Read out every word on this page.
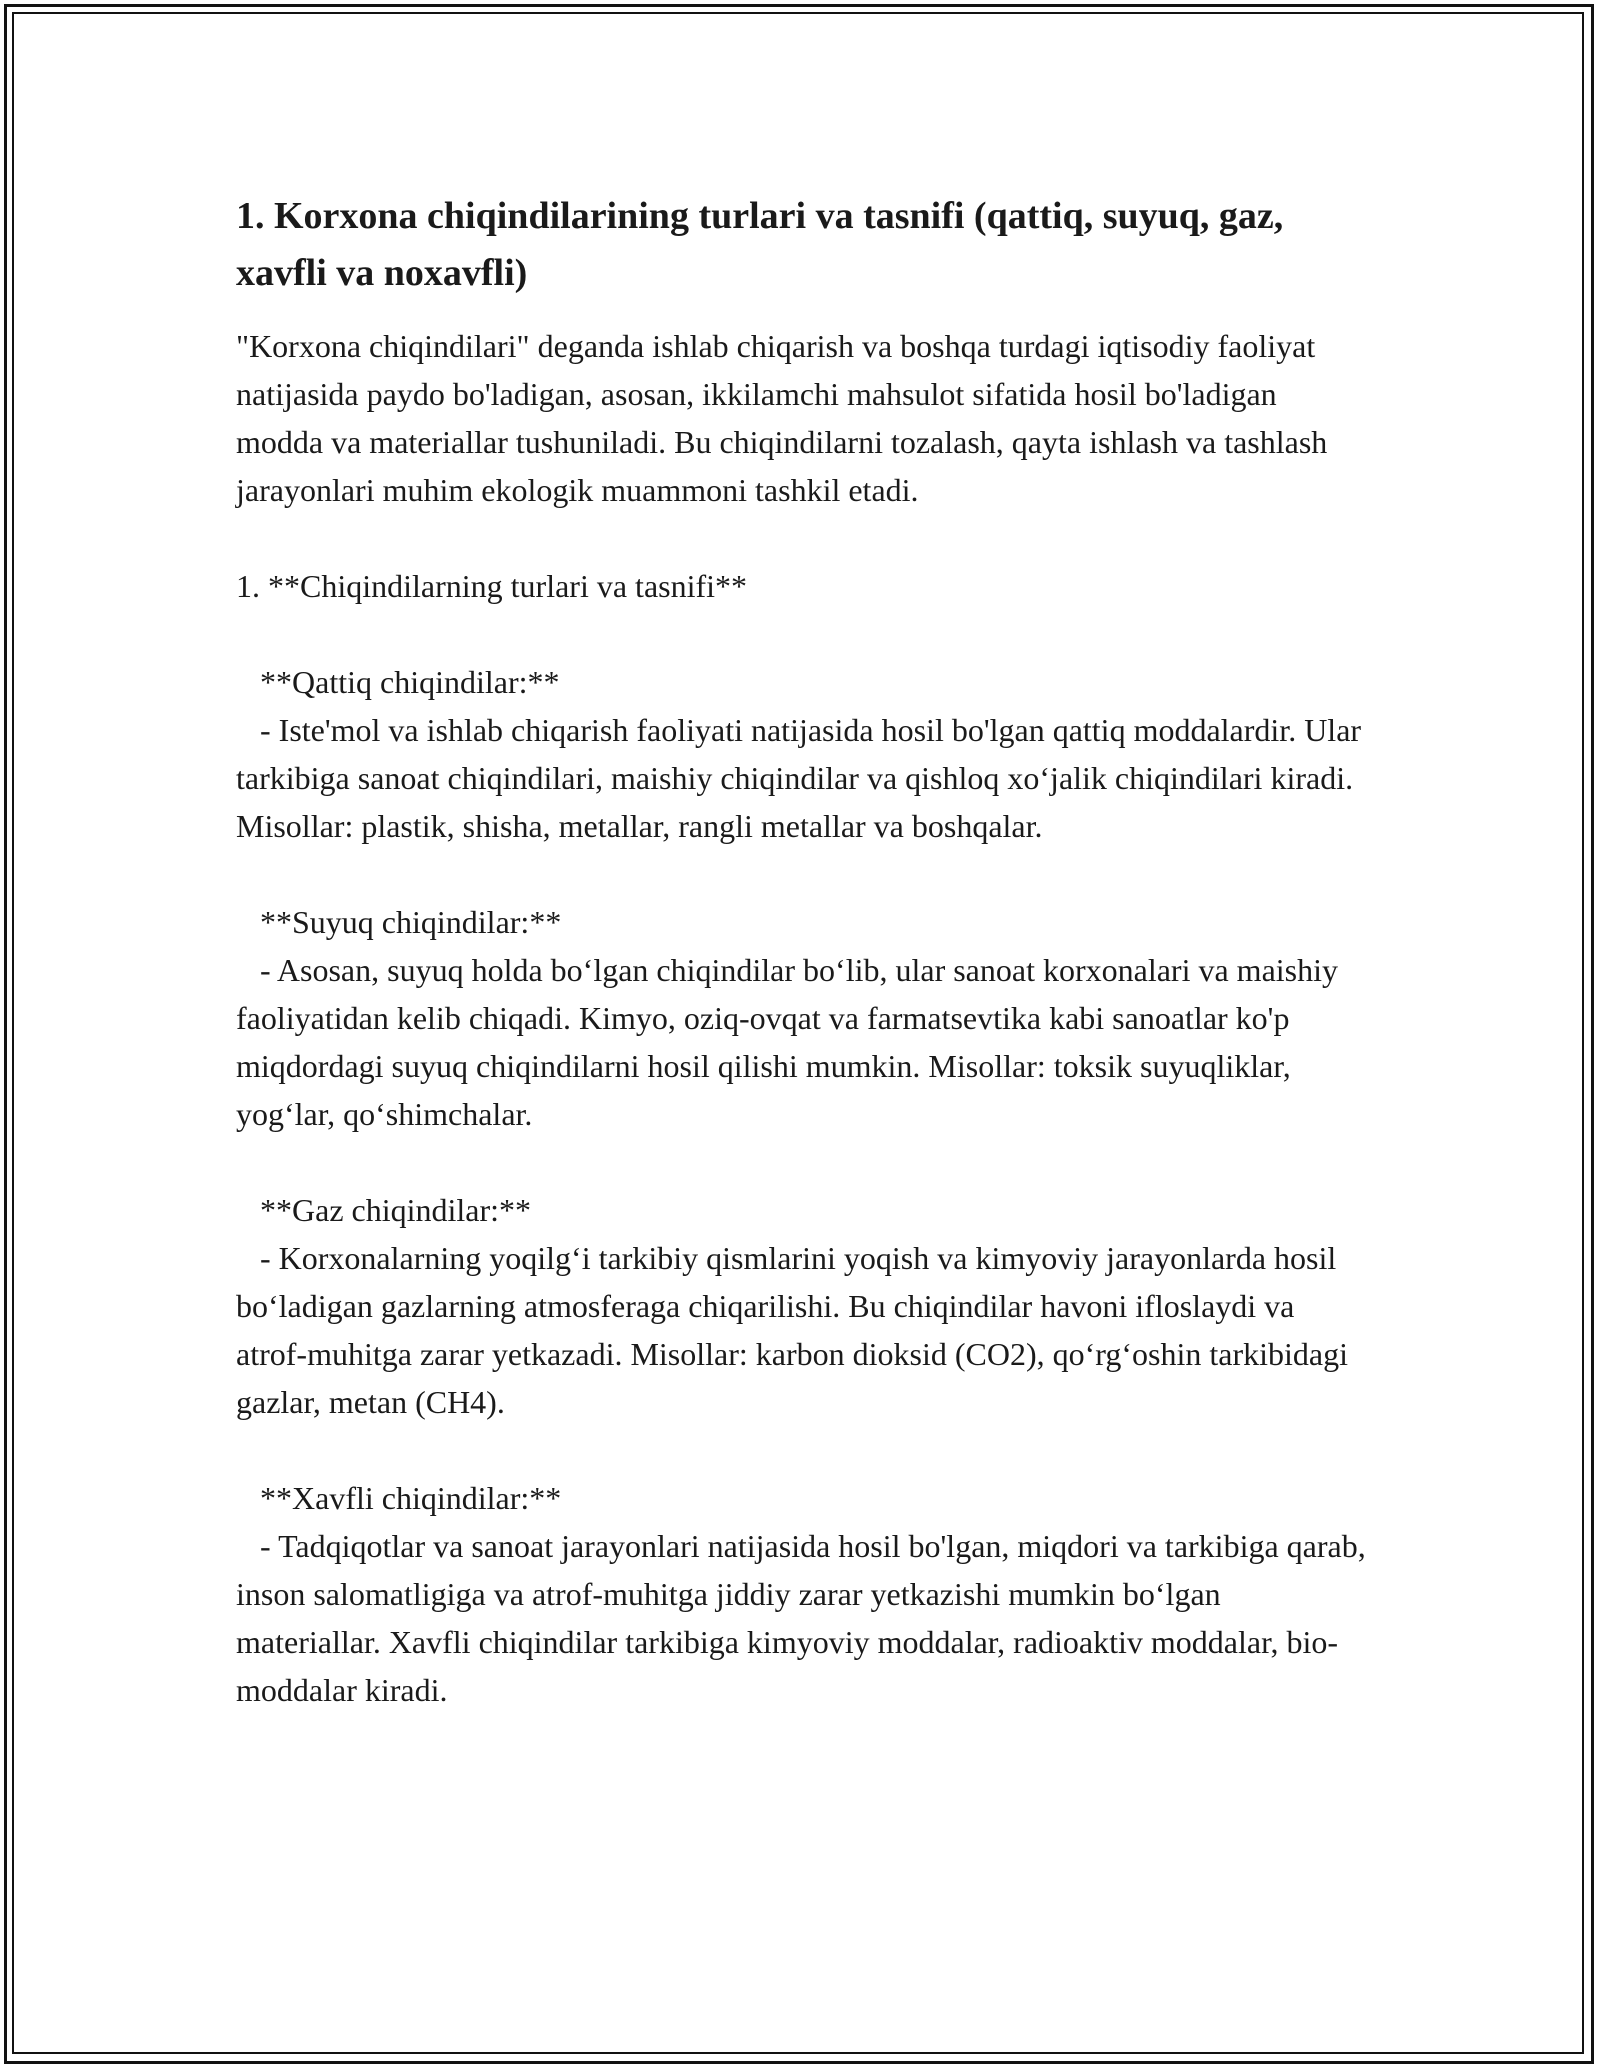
1. Korxona chiqindilarining turlari va tasnifi (qattiq, suyuq, gaz, xavfli va noxavfli)

"Korxona chiqindilari" deganda ishlab chiqarish va boshqa turdagi iqtisodiy faoliyat natijasida paydo bo'ladigan, asosan, ikkilamchi mahsulot sifatida hosil bo'ladigan modda va materiallar tushuniladi. Bu chiqindilarni tozalash, qayta ishlash va tashlash jarayonlari muhim ekologik muammoni tashkil etadi.

1. **Chiqindilarning turlari va tasnifi**

**Qattiq chiqindilar:**

- Iste'mol va ishlab chiqarish faoliyati natijasida hosil bo'lgan qattiq moddalardir. Ular tarkibiga sanoat chiqindilari, maishiy chiqindilar va qishloq xo‘jalik chiqindilari kiradi. Misollar: plastik, shisha, metallar, rangli metallar va boshqalar.

**Suyuq chiqindilar:**

- Asosan, suyuq holda bo‘lgan chiqindilar bo‘lib, ular sanoat korxonalari va maishiy faoliyatidan kelib chiqadi. Kimyo, oziq-ovqat va farmatsevtika kabi sanoatlar ko'p miqdordagi suyuq chiqindilarni hosil qilishi mumkin. Misollar: toksik suyuqliklar, yog‘lar, qo‘shimchalar.

**Gaz chiqindilar:**

- Korxonalarning yoqilg‘i tarkibiy qismlarini yoqish va kimyoviy jarayonlarda hosil bo‘ladigan gazlarning atmosferaga chiqarilishi. Bu chiqindilar havoni ifloslaydi va atrof-muhitga zarar yetkazadi. Misollar: karbon dioksid (CO2), qo‘rg‘oshin tarkibidagi gazlar, metan (CH4).

**Xavfli chiqindilar:**

- Tadqiqotlar va sanoat jarayonlari natijasida hosil bo'lgan, miqdori va tarkibiga qarab, inson salomatligiga va atrof-muhitga jiddiy zarar yetkazishi mumkin bo‘lgan materiallar. Xavfli chiqindilar tarkibiga kimyoviy moddalar, radioaktiv moddalar, bio-moddalar kiradi.
